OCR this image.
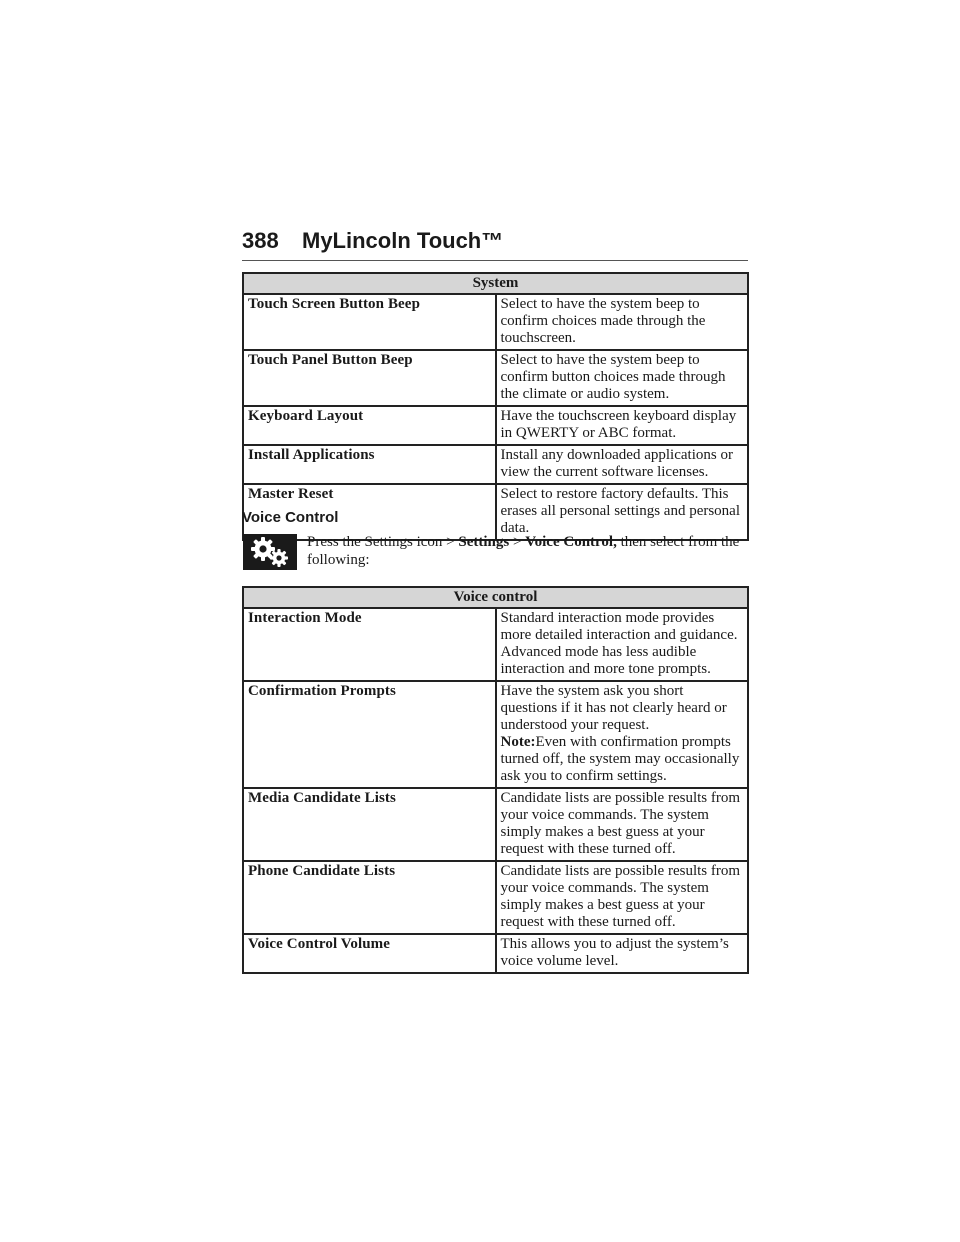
388 MyLincoln Touch™
System	
Touch Screen Button Beep	Select to have the system beep to confirm choices made through the touchscreen.
Touch Panel Button Beep	Select to have the system beep to confirm button choices made through the climate or audio system.
Keyboard Layout	Have the touchscreen keyboard display in QWERTY or ABC format.
Install Applications	Install any downloaded applications or view the current software licenses.
Master Reset	Select to restore factory defaults. This erases all personal settings and personal data.
Voice Control
Press the Settings icon > Settings > Voice Control, then select from the following:
Voice control	
Interaction Mode	Standard interaction mode provides more detailed interaction and guidance. Advanced mode has less audible interaction and more tone prompts.
Confirmation Prompts	Have the system ask you short questions if it has not clearly heard or understood your request.
Note:Even with confirmation prompts turned off, the system may occasionally ask you to confirm settings.

Media Candidate Lists	Candidate lists are possible results from your voice commands. The system simply makes a best guess at your request with these turned off.
Phone Candidate Lists	Candidate lists are possible results from your voice commands. The system simply makes a best guess at your request with these turned off.
Voice Control Volume	This allows you to adjust the system’s voice volume level.
